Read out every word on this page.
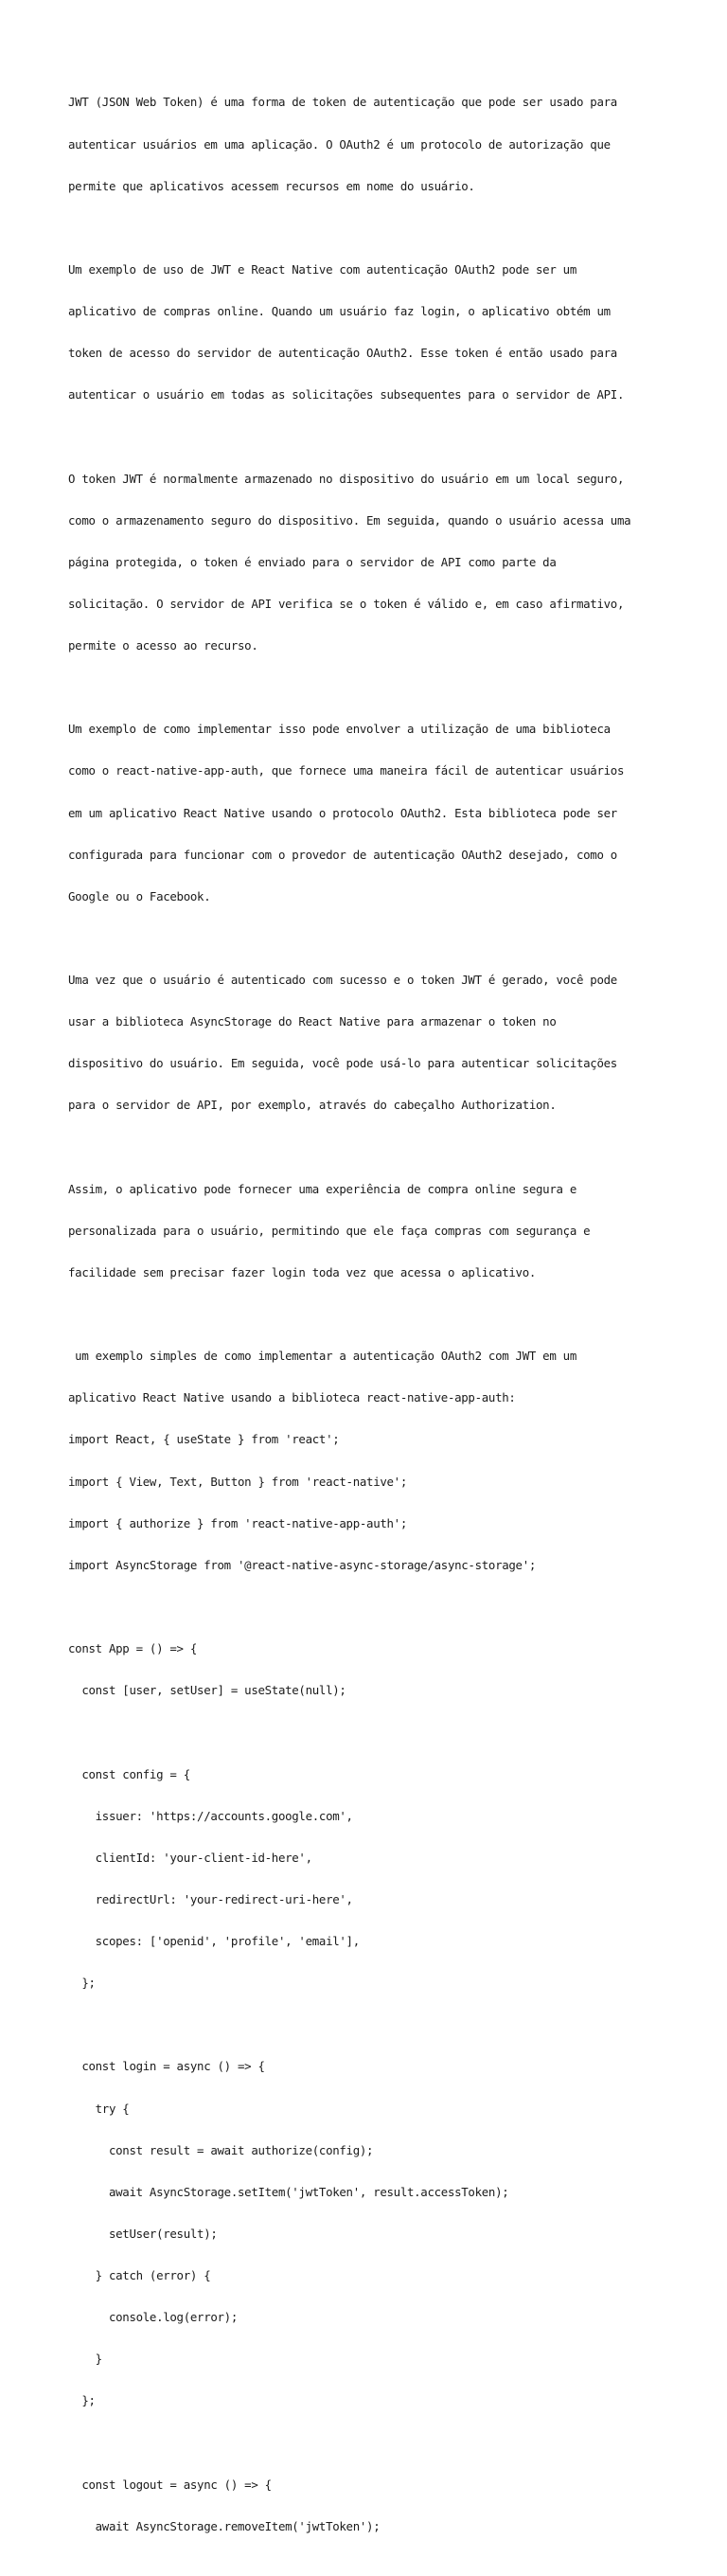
JWT (JSON Web Token) é uma forma de token de autenticação que pode ser usado para

autenticar usuários em uma aplicação. O OAuth2 é um protocolo de autorização que

permite que aplicativos acessem recursos em nome do usuário.

Um exemplo de uso de JWT e React Native com autenticação OAuth2 pode ser um

aplicativo de compras online. Quando um usuário faz login, o aplicativo obtém um

token de acesso do servidor de autenticação OAuth2. Esse token é então usado para

autenticar o usuário em todas as solicitações subsequentes para o servidor de API.

O token JWT é normalmente armazenado no dispositivo do usuário em um local seguro,

como o armazenamento seguro do dispositivo. Em seguida, quando o usuário acessa uma

página protegida, o token é enviado para o servidor de API como parte da

solicitação. O servidor de API verifica se o token é válido e, em caso afirmativo,

permite o acesso ao recurso.

Um exemplo de como implementar isso pode envolver a utilização de uma biblioteca

como o react-native-app-auth, que fornece uma maneira fácil de autenticar usuários

em um aplicativo React Native usando o protocolo OAuth2. Esta biblioteca pode ser

configurada para funcionar com o provedor de autenticação OAuth2 desejado, como o

Google ou o Facebook.

Uma vez que o usuário é autenticado com sucesso e o token JWT é gerado, você pode

usar a biblioteca AsyncStorage do React Native para armazenar o token no

dispositivo do usuário. Em seguida, você pode usá-lo para autenticar solicitações

para o servidor de API, por exemplo, através do cabeçalho Authorization.

Assim, o aplicativo pode fornecer uma experiência de compra online segura e

personalizada para o usuário, permitindo que ele faça compras com segurança e

facilidade sem precisar fazer login toda vez que acessa o aplicativo.

um exemplo simples de como implementar a autenticação OAuth2 com JWT em um

aplicativo React Native usando a biblioteca react-native-app-auth:

import React, { useState } from 'react';

import { View, Text, Button } from 'react-native';

import { authorize } from 'react-native-app-auth';

import AsyncStorage from '@react-native-async-storage/async-storage';

const App = () => {

const [user, setUser] = useState(null);

const config = {

issuer: 'https://accounts.google.com',

clientId: 'your-client-id-here',

redirectUrl: 'your-redirect-uri-here',

scopes: ['openid', 'profile', 'email'],

};

const login = async () => {

try {

const result = await authorize(config);

await AsyncStorage.setItem('jwtToken', result.accessToken);

setUser(result);

} catch (error) {

console.log(error);

}

};

const logout = async () => {

await AsyncStorage.removeItem('jwtToken');
